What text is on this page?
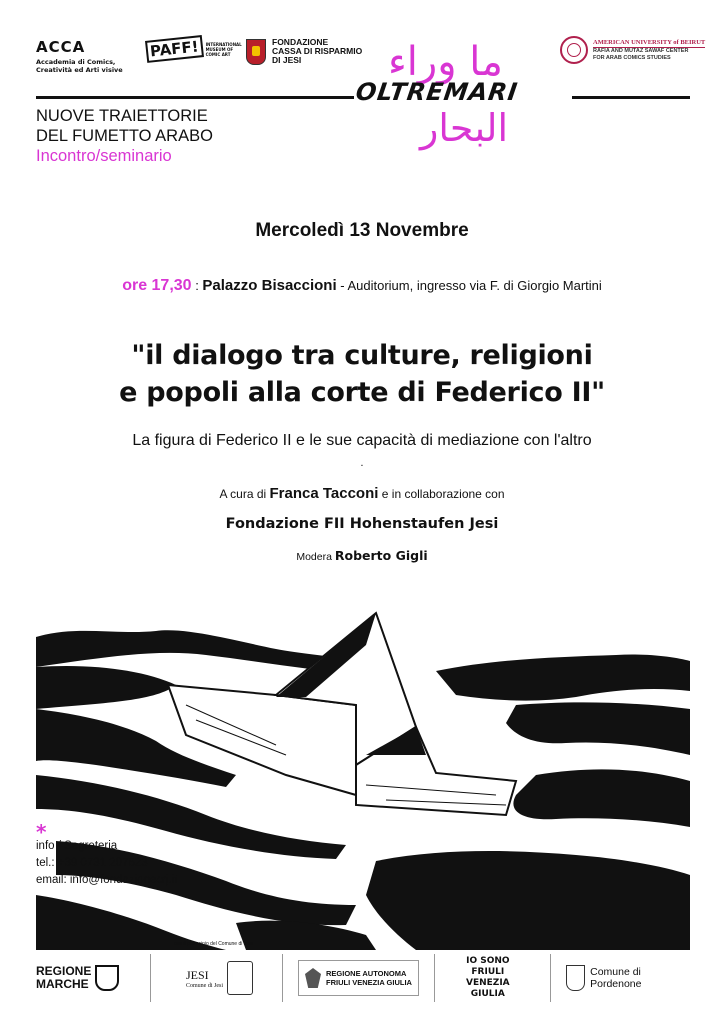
ACCA
Accademia di Comics,
Creatività ed Arti visive
PAFF!	INTERNATIONAL
MUSEUM OF
COMIC ART
FONDAZIONE
CASSA DI RISPARMIO
DI JESI
AMERICAN UNIVERSITY of BEIRUT
RAFIA AND MUTAZ SAWAF CENTER
FOR ARAB COMICS STUDIES
ما وراء
OLTREMARI
البحار
NUOVE TRAIETTORIE
DEL FUMETTO ARABO
Incontro/seminario
Mercoledì 13 Novembre
ore 17,30 : Palazzo Bisaccioni - Auditorium, ingresso via F. di Giorgio Martini
"il dialogo tra culture, religioni
e popoli alla corte di Federico II"
La figura di Federico II e le sue capacità di mediazione con l'altro
.
A cura di Franca Tacconi e in collaborazione con
Fondazione FII Hohenstaufen Jesi
Modera Roberto Gigli
*
info / Segreteria
tel.: +39 0731 207523
email: info@fondazionecrj.it
con il patrocinio del Comune di Jesi
REGIONE
MARCHE
JESI
Comune di Jesi
REGIONE AUTONOMA
FRIULI VENEZIA GIULIA
IO SONO
FRIULI
VENEZIA
GIULIA
Comune di Pordenone
